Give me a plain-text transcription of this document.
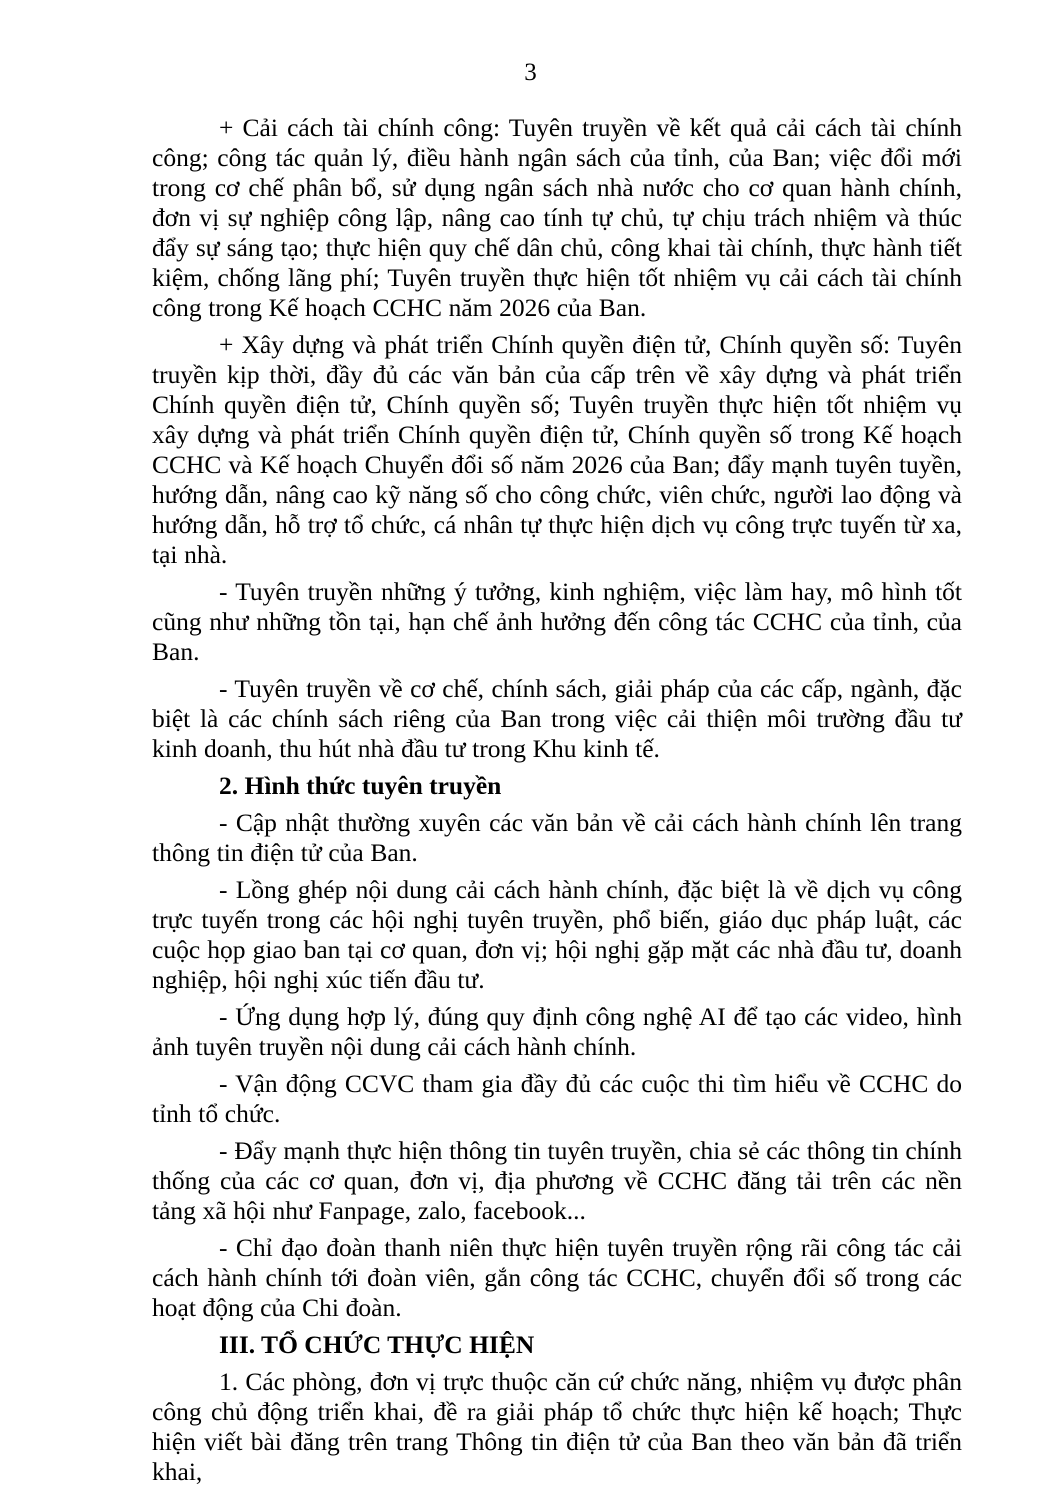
3

+ Cải cách tài chính công: Tuyên truyền về kết quả cải cách tài chính công; công tác quản lý, điều hành ngân sách của tỉnh, của Ban; việc đổi mới trong cơ chế phân bổ, sử dụng ngân sách nhà nước cho cơ quan hành chính, đơn vị sự nghiệp công lập, nâng cao tính tự chủ, tự chịu trách nhiệm và thúc đẩy sự sáng tạo; thực hiện quy chế dân chủ, công khai tài chính, thực hành tiết kiệm, chống lãng phí; Tuyên truyền thực hiện tốt nhiệm vụ cải cách tài chính công trong Kế hoạch CCHC năm 2026 của Ban.

+ Xây dựng và phát triển Chính quyền điện tử, Chính quyền số: Tuyên truyền kịp thời, đầy đủ các văn bản của cấp trên về xây dựng và phát triển Chính quyền điện tử, Chính quyền số; Tuyên truyền thực hiện tốt nhiệm vụ xây dựng và phát triển Chính quyền điện tử, Chính quyền số trong Kế hoạch CCHC và Kế hoạch Chuyển đổi số năm 2026 của Ban; đẩy mạnh tuyên tuyền, hướng dẫn, nâng cao kỹ năng số cho công chức, viên chức, người lao động và hướng dẫn, hỗ trợ tổ chức, cá nhân tự thực hiện dịch vụ công trực tuyến từ xa, tại nhà.

- Tuyên truyền những ý tưởng, kinh nghiệm, việc làm hay, mô hình tốt cũng như những tồn tại, hạn chế ảnh hưởng đến công tác CCHC của tỉnh, của Ban.

- Tuyên truyền về cơ chế, chính sách, giải pháp của các cấp, ngành, đặc biệt là các chính sách riêng của Ban trong việc cải thiện môi trường đầu tư kinh doanh, thu hút nhà đầu tư trong Khu kinh tế.

2. Hình thức tuyên truyền

- Cập nhật thường xuyên các văn bản về cải cách hành chính lên trang thông tin điện tử của Ban.

- Lồng ghép nội dung cải cách hành chính, đặc biệt là về dịch vụ công trực tuyến trong các hội nghị tuyên truyền, phổ biến, giáo dục pháp luật, các cuộc họp giao ban tại cơ quan, đơn vị; hội nghị gặp mặt các nhà đầu tư, doanh nghiệp, hội nghị xúc tiến đầu tư.

- Ứng dụng hợp lý, đúng quy định công nghệ AI để tạo các video, hình ảnh tuyên truyền nội dung cải cách hành chính.

- Vận động CCVC tham gia đầy đủ các cuộc thi tìm hiểu về CCHC do tỉnh tổ chức.

- Đẩy mạnh thực hiện thông tin tuyên truyền, chia sẻ các thông tin chính thống của các cơ quan, đơn vị, địa phương về CCHC đăng tải trên các nền tảng xã hội như Fanpage, zalo, facebook...

- Chỉ đạo đoàn thanh niên thực hiện tuyên truyền rộng rãi công tác cải cách hành chính tới đoàn viên, gắn công tác CCHC, chuyển đổi số trong các hoạt động của Chi đoàn.

III. TỔ CHỨC THỰC HIỆN

1. Các phòng, đơn vị trực thuộc căn cứ chức năng, nhiệm vụ được phân công chủ động triển khai, đề ra giải pháp tổ chức thực hiện kế hoạch; Thực hiện viết bài đăng trên trang Thông tin điện tử của Ban theo văn bản đã triển khai,
